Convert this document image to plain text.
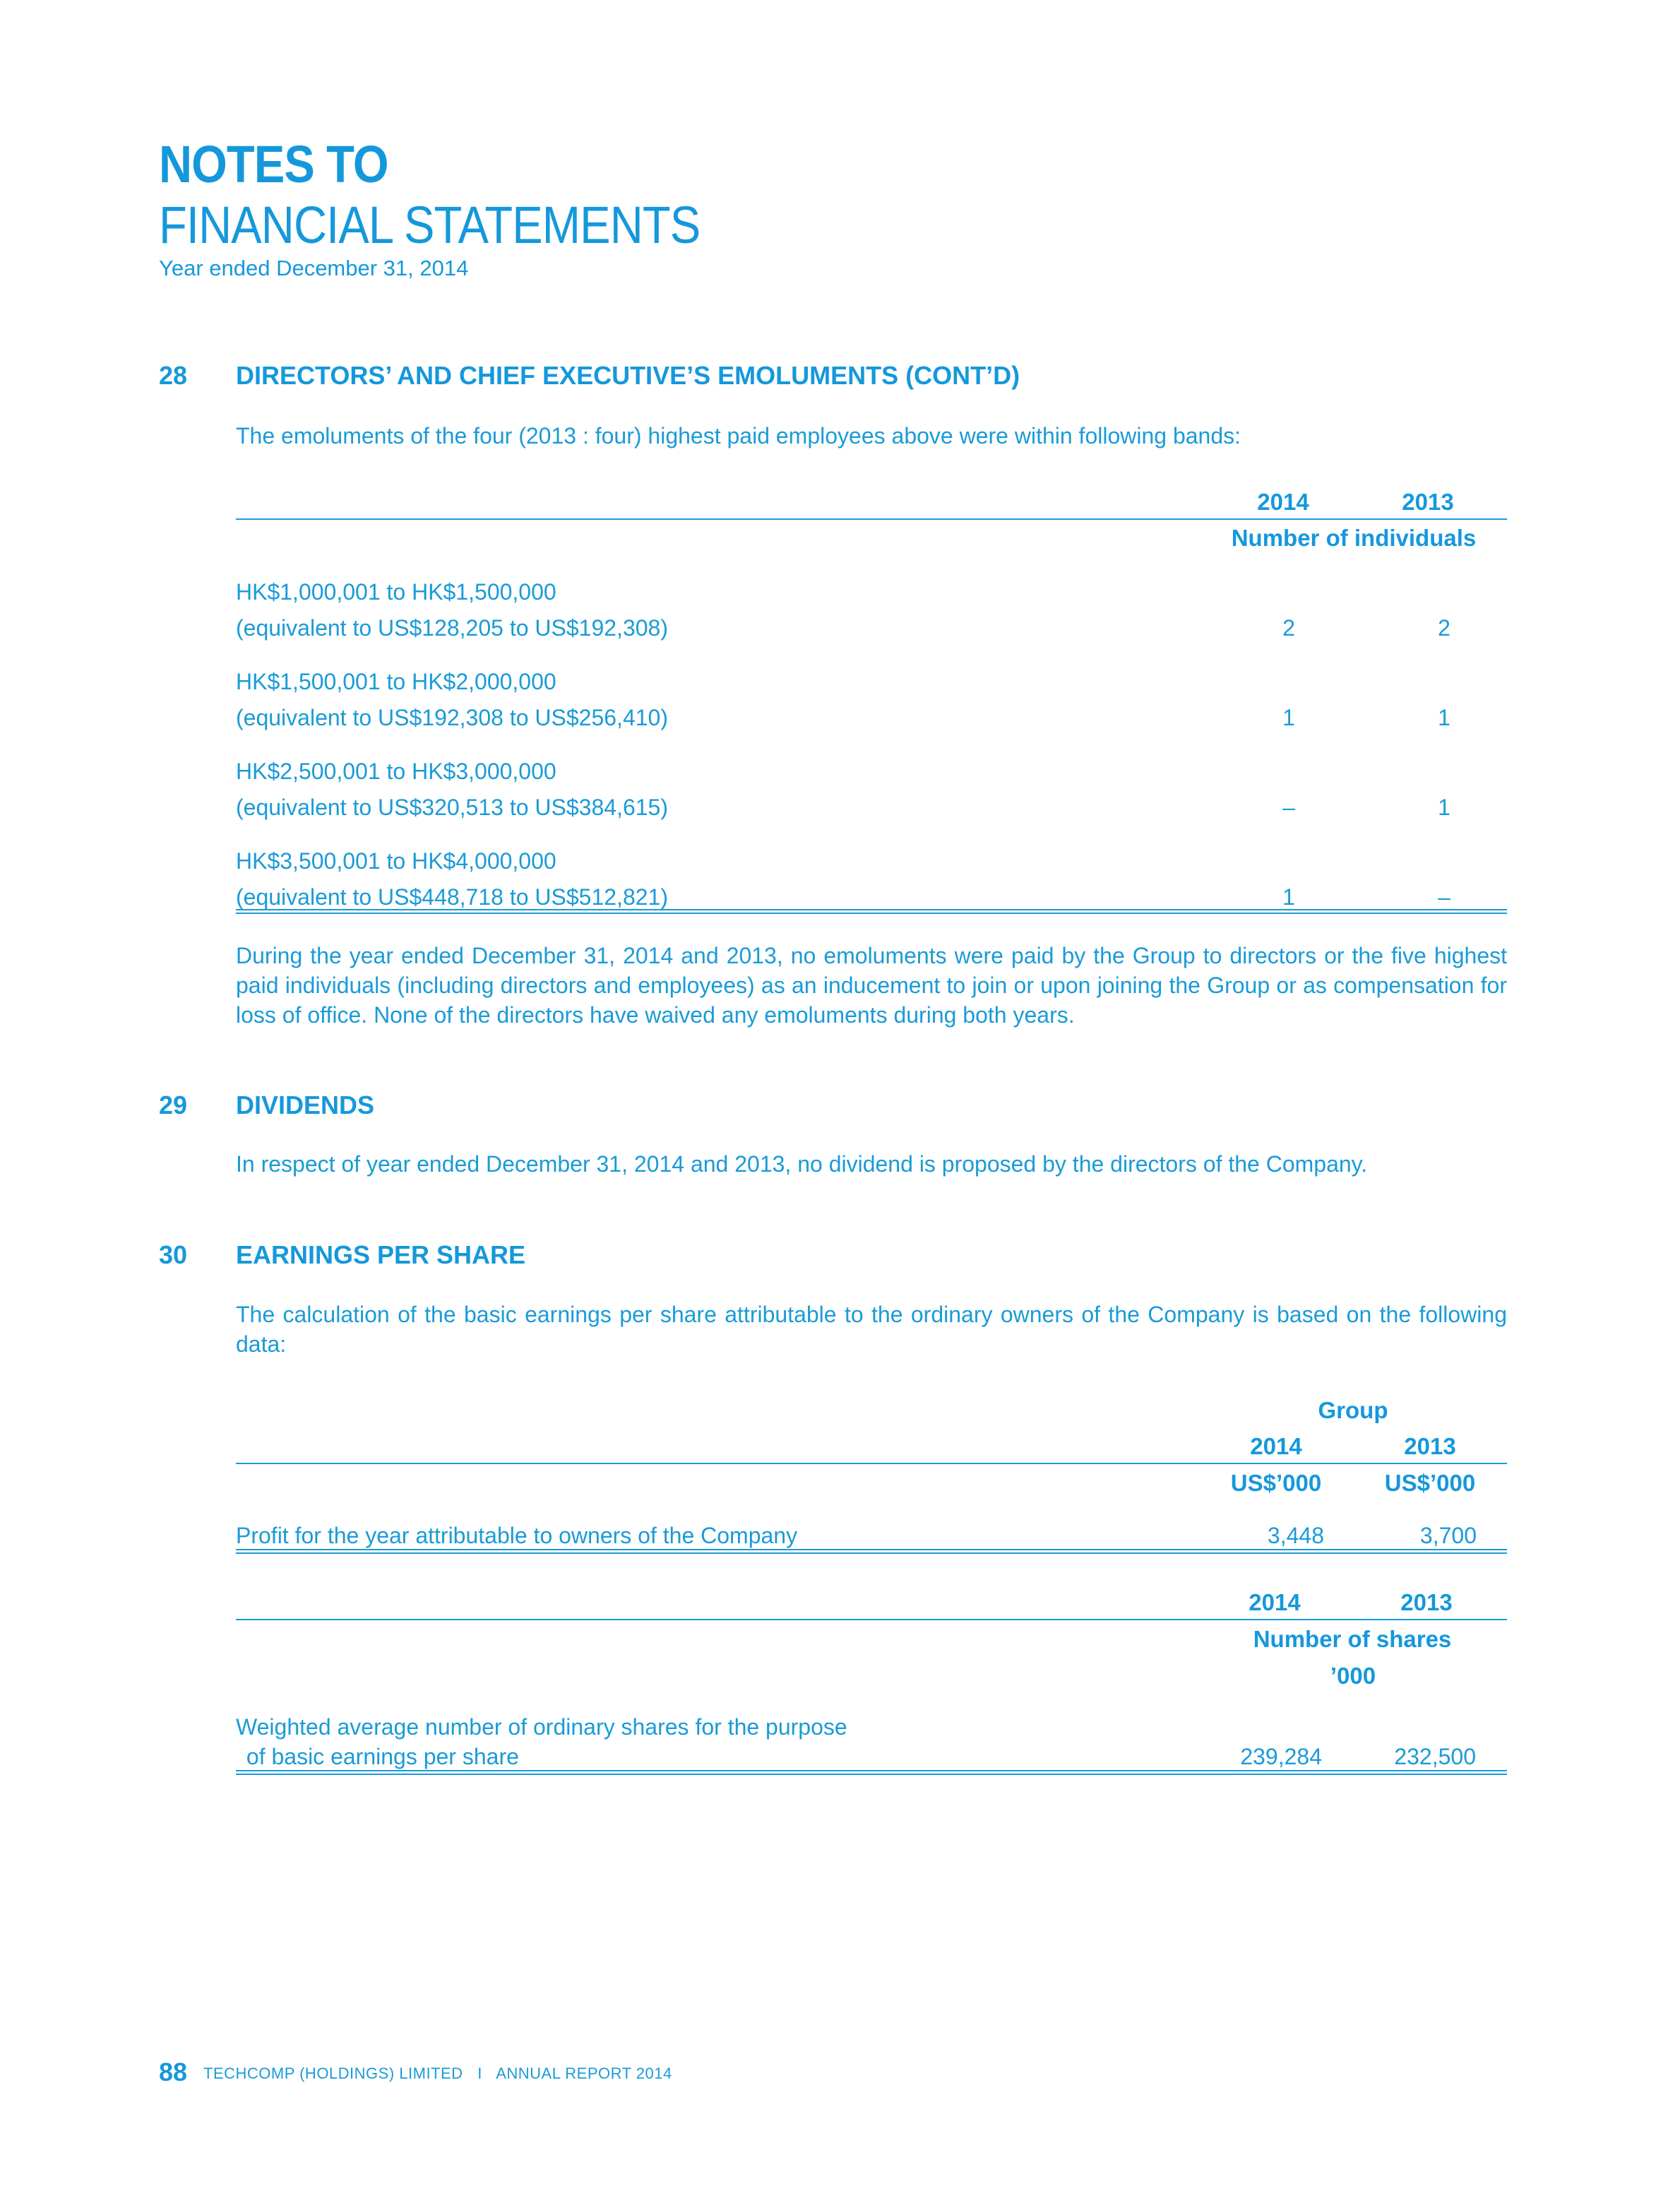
NOTES TO
FINANCIAL STATEMENTS
Year ended December 31, 2014
28 DIRECTORS’ AND CHIEF EXECUTIVE’S EMOLUMENTS (CONT’D)
The emoluments of the four (2013 : four) highest paid employees above were within following bands:
2014	2013
Number of individuals
HK$1,000,001 to HK$1,500,000
(equivalent to US$128,205 to US$192,308)	2	2
HK$1,500,001 to HK$2,000,000
(equivalent to US$192,308 to US$256,410)	1	1
HK$2,500,001 to HK$3,000,000
(equivalent to US$320,513 to US$384,615)	–	1
HK$3,500,001 to HK$4,000,000
(equivalent to US$448,718 to US$512,821)	1	–
During the year ended December 31, 2014 and 2013, no emoluments were paid by the Group to directors or the five highest paid individuals (including directors and employees) as an inducement to join or upon joining the Group or as compensation for loss of office. None of the directors have waived any emoluments during both years.
29 DIVIDENDS
In respect of year ended December 31, 2014 and 2013, no dividend is proposed by the directors of the Company.
30 EARNINGS PER SHARE
The calculation of the basic earnings per share attributable to the ordinary owners of the Company is based on the following data:
Group
2014	2013
US$’000	US$’000
Profit for the year attributable to owners of the Company	3,448	3,700
2014	2013
Number of shares
’000
Weighted average number of ordinary shares for the purpose
of basic earnings per share	239,284	232,500
88 TECHCOMP (HOLDINGS) LIMITED I ANNUAL REPORT 2014
